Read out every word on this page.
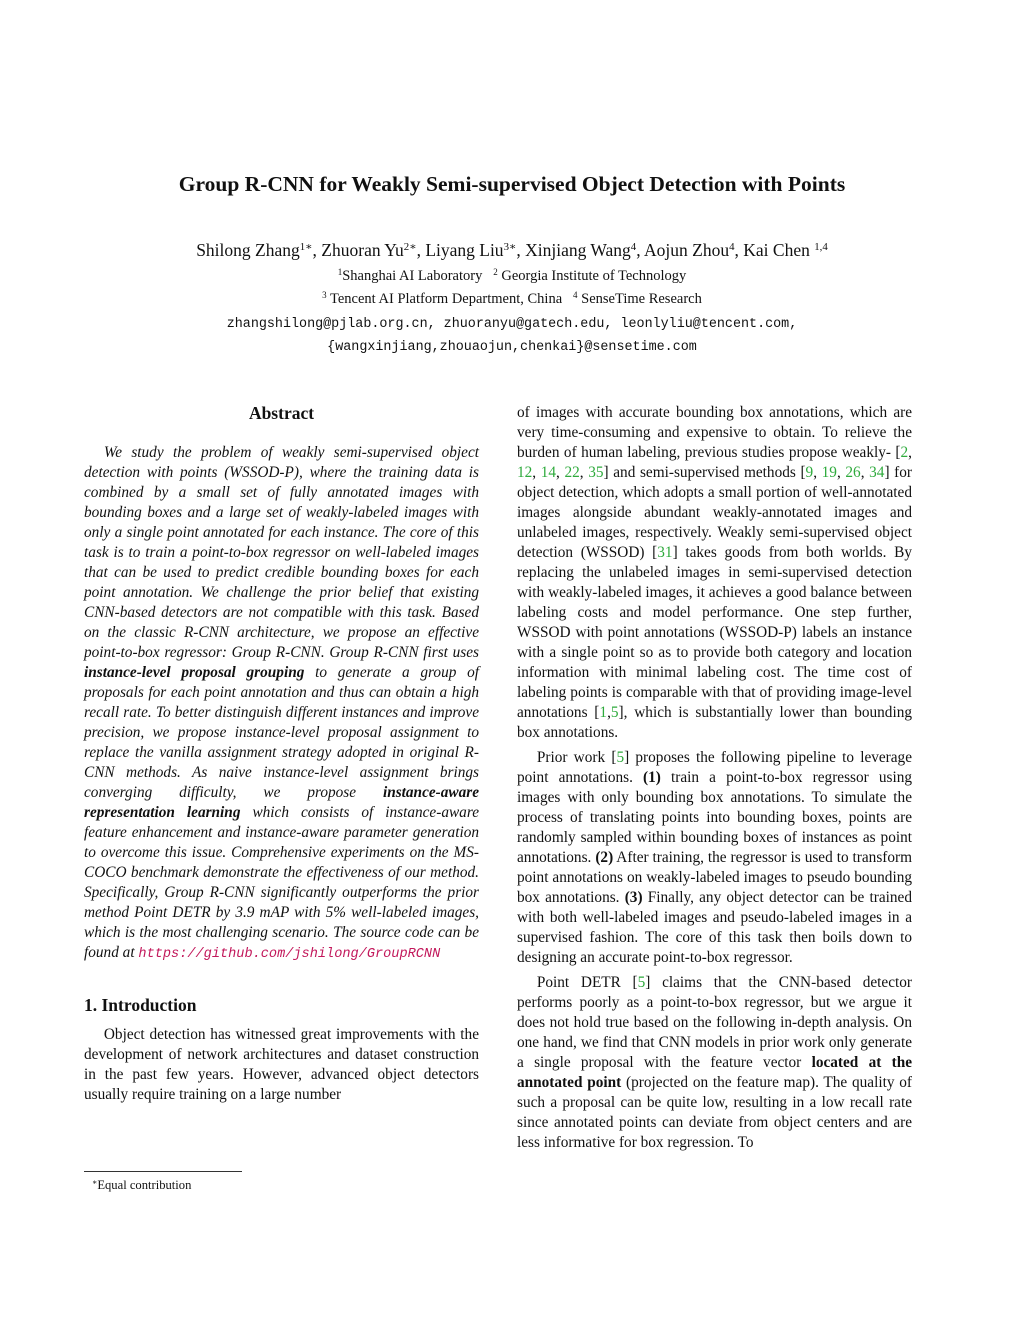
Group R-CNN for Weakly Semi-supervised Object Detection with Points
Shilong Zhang$^{1∗}$, Zhuoran $Yu^{2∗}$, Liyang Liu$^{3∗}$, Xinjiang Wang$^4$, Aojun Zhou$^4$, Kai Chen $^{1,4}$
$^1$Shanghai AI Laboratory $^2$ Georgia Institute of Technology
$^3$ Tencent AI Platform Department, China $^4$ SenseTime Research
zhangshilong@pjlab.org.cn, zhuoranyu@gatech.edu, leonlyliu@tencent.com,
{wangxinjiang,zhouaojun,chenkai}@sensetime.com
Abstract

We study the problem of weakly semi-supervised object detection with points (WSSOD-P), where the training data is combined by a small set of fully annotated images with bounding boxes and a large set of weakly-labeled images with only a single point annotated for each instance. The core of this task is to train a point-to-box regressor on well-labeled images that can be used to predict credible bounding boxes for each point annotation. We challenge the prior belief that existing CNN-based detectors are not compatible with this task. Based on the classic R-CNN architecture, we propose an effective point-to-box regressor: Group R-CNN. Group R-CNN first uses instance-level proposal grouping to generate a group of proposals for each point annotation and thus can obtain a high recall rate. To better distinguish different instances and improve precision, we propose instance-level proposal assignment to replace the vanilla assignment strategy adopted in original R-CNN methods. As naive instance-level assignment brings converging difficulty, we propose instance-aware representation learning which consists of instance-aware feature enhancement and instance-aware parameter generation to overcome this issue. Comprehensive experiments on the MS-COCO benchmark demonstrate the effectiveness of our method. Specifically, Group R-CNN significantly outperforms the prior method Point DETR by 3.9 mAP with 5% well-labeled images, which is the most challenging scenario. The source code can be found at https://github.com/jshilong/GroupRCNN

1. Introduction

Object detection has witnessed great improvements with the development of network architectures and dataset construction in the past few years. However, advanced object detectors usually require training on a large number

of images with accurate bounding box annotations, which are very time-consuming and expensive to obtain. To relieve the burden of human labeling, previous studies propose weakly- [2, 12, 14, 22, 35] and semi-supervised methods [9, 19, 26, 34] for object detection, which adopts a small portion of well-annotated images alongside abundant weakly-annotated images and unlabeled images, respectively. Weakly semi-supervised object detection (WSSOD) [31] takes goods from both worlds. By replacing the unlabeled images in semi-supervised detection with weakly-labeled images, it achieves a good balance between labeling costs and model performance. One step further, WSSOD with point annotations (WSSOD-P) labels an instance with a single point so as to provide both category and location information with minimal labeling cost. The time cost of labeling points is comparable with that of providing image-level annotations [1,5], which is substantially lower than bounding box annotations.

Prior work [5] proposes the following pipeline to leverage point annotations. (1) train a point-to-box regressor using images with only bounding box annotations. To simulate the process of translating points into bounding boxes, points are randomly sampled within bounding boxes of instances as point annotations. (2) After training, the regressor is used to transform point annotations on weakly-labeled images to pseudo bounding box annotations. (3) Finally, any object detector can be trained with both well-labeled images and pseudo-labeled images in a supervised fashion. The core of this task then boils down to designing an accurate point-to-box regressor.

Point DETR [5] claims that the CNN-based detector performs poorly as a point-to-box regressor, but we argue it does not hold true based on the following in-depth analysis. On one hand, we find that CNN models in prior work only generate a single proposal with the feature vector located at the annotated point (projected on the feature map). The quality of such a proposal can be quite low, resulting in a low recall rate since annotated points can deviate from object centers and are less informative for box regression. To

∗Equal contribution
